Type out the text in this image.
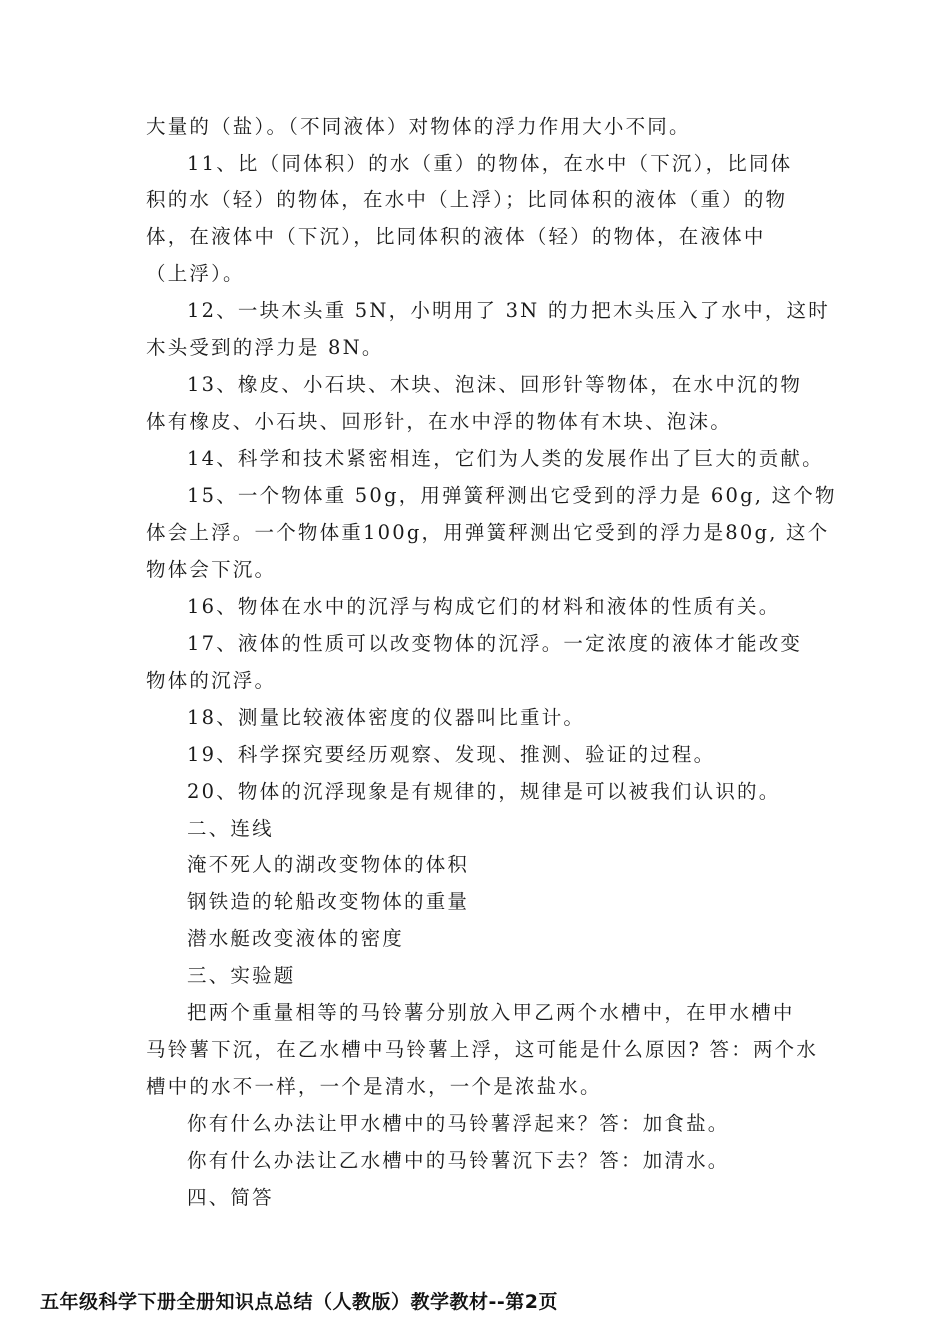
大量的（盐）。（不同液体）对物体的浮力作用大小不同。
11、比（同体积）的水（重）的物体，在水中（下沉），比同体
积的水（轻）的物体，在水中（上浮）；比同体积的液体（重）的物
体，在液体中（下沉），比同体积的液体（轻）的物体，在液体中
（上浮）。
12、一块木头重 5N，小明用了 3N 的力把木头压入了水中，这时
木头受到的浮力是 8N。
13、橡皮、小石块、木块、泡沫、回形针等物体，在水中沉的物
体有橡皮、小石块、回形针，在水中浮的物体有木块、泡沫。
14、科学和技术紧密相连，它们为人类的发展作出了巨大的贡献。
15、一个物体重 50g，用弹簧秤测出它受到的浮力是 60g, 这个物
体会上浮。一个物体重100g，用弹簧秤测出它受到的浮力是80g, 这个
物体会下沉。
16、物体在水中的沉浮与构成它们的材料和液体的性质有关。
17、液体的性质可以改变物体的沉浮。一定浓度的液体才能改变
物体的沉浮。
18、测量比较液体密度的仪器叫比重计。
19、科学探究要经历观察、发现、推测、验证的过程。
20、物体的沉浮现象是有规律的，规律是可以被我们认识的。
二、连线
淹不死人的湖改变物体的体积
钢铁造的轮船改变物体的重量
潜水艇改变液体的密度
三、实验题
把两个重量相等的马铃薯分别放入甲乙两个水槽中，在甲水槽中
马铃薯下沉，在乙水槽中马铃薯上浮，这可能是什么原因? 答：两个水
槽中的水不一样，一个是清水，一个是浓盐水。
你有什么办法让甲水槽中的马铃薯浮起来？答：加食盐。
你有什么办法让乙水槽中的马铃薯沉下去？答：加清水。
四、简答
五年级科学下册全册知识点总结（人教版）教学教材--第2页
